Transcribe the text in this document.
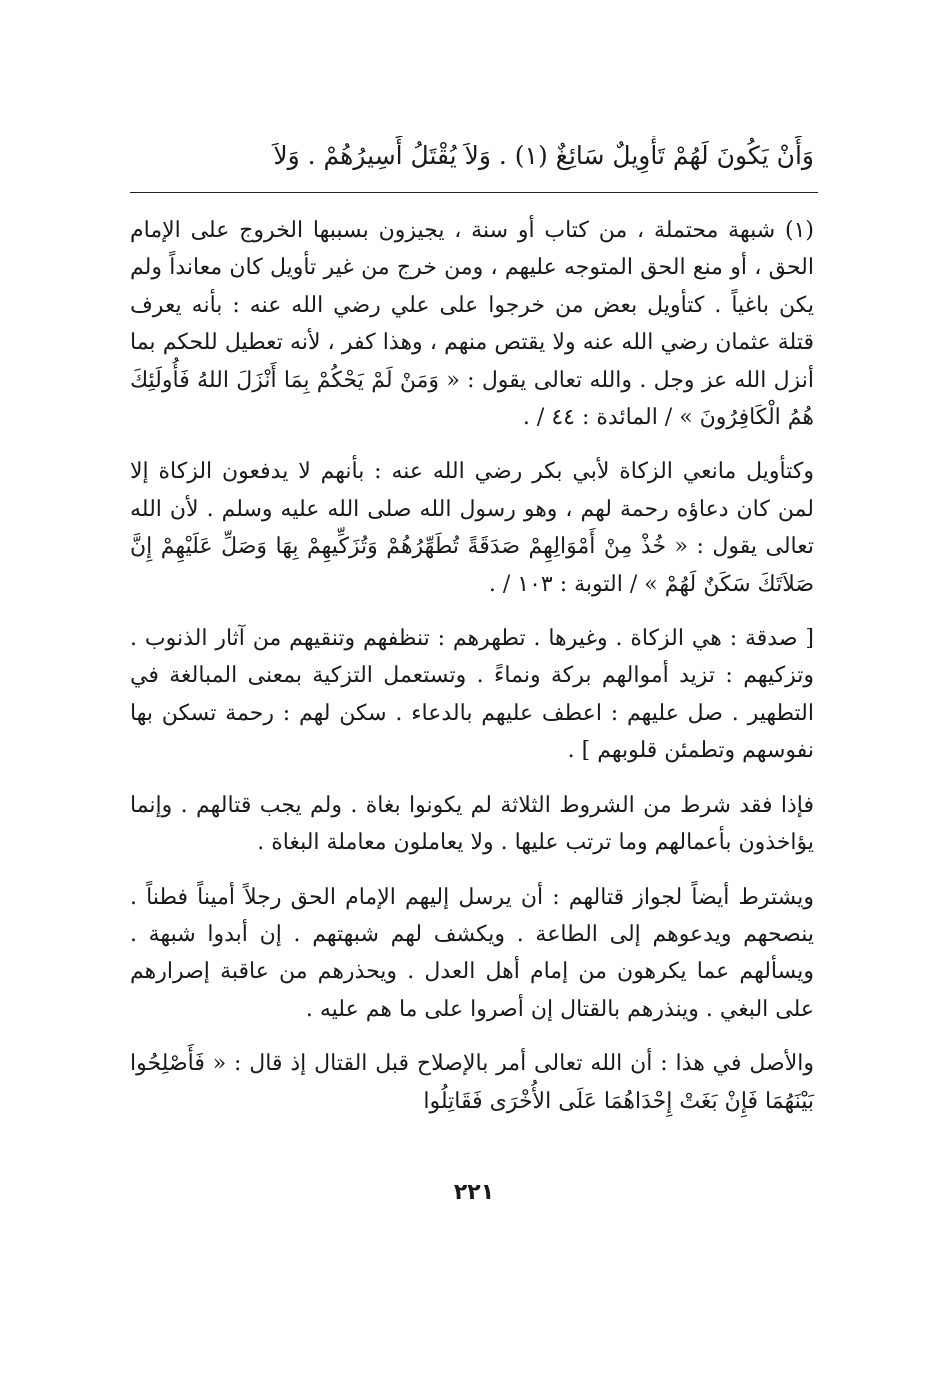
وَأَنْ يَكُونَ لَهُمْ تَأْوِيلٌ سَائِغٌ (١) . وَلاَ يُقْتَلُ أَسِيرُهُمْ . وَلاَ

(١) شبهة محتملة ، من كتاب أو سنة ، يجيزون بسببها الخروج على الإمام الحق ، أو منع الحق المتوجه عليهم ، ومن خرج من غير تأويل كان معانداً ولم يكن باغياً . كتأويل بعض من خرجوا على علي رضي الله عنه : بأنه يعرف قتلة عثمان رضي الله عنه ولا يقتص منهم ، وهذا كفر ، لأنه تعطيل للحكم بما أنزل الله عز وجل . والله تعالى يقول : « وَمَنْ لَمْ يَحْكُمْ بِمَا أَنْزَلَ اللهُ فَأُولَئِكَ هُمُ الْكَافِرُونَ » / المائدة : ٤٤ / .

وكتأويل مانعي الزكاة لأبي بكر رضي الله عنه : بأنهم لا يدفعون الزكاة إلا لمن كان دعاؤه رحمة لهم ، وهو رسول الله صلى الله عليه وسلم . لأن الله تعالى يقول : « خُذْ مِنْ أَمْوَالِهِمْ صَدَقَةً تُطَهِّرُهُمْ وَتُزَكِّيهِمْ بِهَا وَصَلِّ عَلَيْهِمْ إِنَّ صَلاَتَكَ سَكَنٌ لَهُمْ » / التوبة : ١٠٣ / .

[ صدقة : هي الزكاة . وغيرها . تطهرهم : تنظفهم وتنقيهم من آثار الذنوب . وتزكيهم : تزيد أموالهم بركة ونماءً . وتستعمل التزكية بمعنى المبالغة في التطهير . صل عليهم : اعطف عليهم بالدعاء . سكن لهم : رحمة تسكن بها نفوسهم وتطمئن قلوبهم ] .

فإذا فقد شرط من الشروط الثلاثة لم يكونوا بغاة . ولم يجب قتالهم . وإنما يؤاخذون بأعمالهم وما ترتب عليها . ولا يعاملون معاملة البغاة .

ويشترط أيضاً لجواز قتالهم : أن يرسل إليهم الإمام الحق رجلاً أميناً فطناً . ينصحهم ويدعوهم إلى الطاعة . ويكشف لهم شبهتهم . إن أبدوا شبهة . ويسألهم عما يكرهون من إمام أهل العدل . ويحذرهم من عاقبة إصرارهم على البغي . وينذرهم بالقتال إن أصروا على ما هم عليه .

والأصل في هذا : أن الله تعالى أمر بالإصلاح قبل القتال إذ قال : « فَأَصْلِحُوا بَيْنَهُمَا فَإِنْ بَغَتْ إِحْدَاهُمَا عَلَى الأُخْرَى فَقَاتِلُوا

٢٢١
